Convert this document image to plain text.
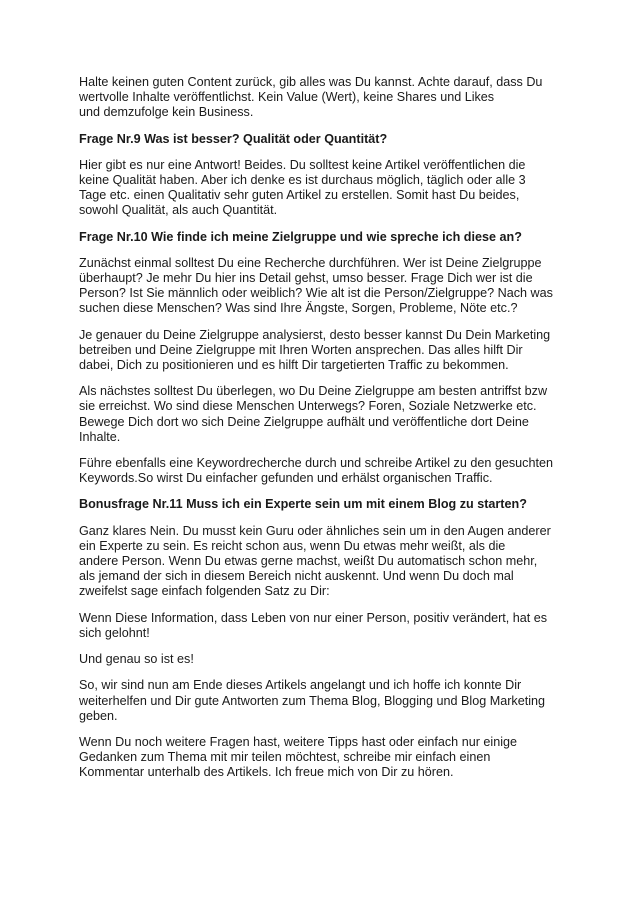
Halte keinen guten Content zurück, gib alles was Du kannst. Achte darauf, dass Du
wertvolle Inhalte veröffentlichst. Kein Value (Wert), keine Shares und Likes
und demzufolge kein Business.
Frage Nr.9 Was ist besser? Qualität oder Quantität?
Hier gibt es nur eine Antwort! Beides. Du solltest keine Artikel veröffentlichen die
keine Qualität haben. Aber ich denke es ist durchaus möglich, täglich oder alle 3
Tage etc. einen Qualitativ sehr guten Artikel zu erstellen. Somit hast Du beides,
sowohl Qualität, als auch Quantität.
Frage Nr.10 Wie finde ich meine Zielgruppe und wie spreche ich diese an?
Zunächst einmal solltest Du eine Recherche durchführen. Wer ist Deine Zielgruppe
überhaupt? Je mehr Du hier ins Detail gehst, umso besser. Frage Dich wer ist die
Person? Ist Sie männlich oder weiblich? Wie alt ist die Person/Zielgruppe? Nach was
suchen diese Menschen? Was sind Ihre Ängste, Sorgen, Probleme, Nöte etc.?
Je genauer du Deine Zielgruppe analysierst, desto besser kannst Du Dein Marketing
betreiben und Deine Zielgruppe mit Ihren Worten ansprechen. Das alles hilft Dir
dabei, Dich zu positionieren und es hilft Dir targetierten Traffic zu bekommen.
Als nächstes solltest Du überlegen, wo Du Deine Zielgruppe am besten antriffst bzw
sie erreichst. Wo sind diese Menschen Unterwegs? Foren, Soziale Netzwerke etc.
Bewege Dich dort wo sich Deine Zielgruppe aufhält und veröffentliche dort Deine
Inhalte.
Führe ebenfalls eine Keywordrecherche durch und schreibe Artikel zu den gesuchten
Keywords.So wirst Du einfacher gefunden und erhälst organischen Traffic.
Bonusfrage Nr.11 Muss ich ein Experte sein um mit einem Blog zu starten?
Ganz klares Nein. Du musst kein Guru oder ähnliches sein um in den Augen anderer
ein Experte zu sein. Es reicht schon aus, wenn Du etwas mehr weißt, als die
andere Person. Wenn Du etwas gerne machst, weißt Du automatisch schon mehr,
als jemand der sich in diesem Bereich nicht auskennt. Und wenn Du doch mal
zweifelst sage einfach folgenden Satz zu Dir:
Wenn Diese Information, dass Leben von nur einer Person, positiv verändert, hat es
sich gelohnt!
Und genau so ist es!
So, wir sind nun am Ende dieses Artikels angelangt und ich hoffe ich konnte Dir
weiterhelfen und Dir gute Antworten zum Thema Blog, Blogging und Blog Marketing
geben.
Wenn Du noch weitere Fragen hast, weitere Tipps hast oder einfach nur einige
Gedanken zum Thema mit mir teilen möchtest, schreibe mir einfach einen
Kommentar unterhalb des Artikels. Ich freue mich von Dir zu hören.
